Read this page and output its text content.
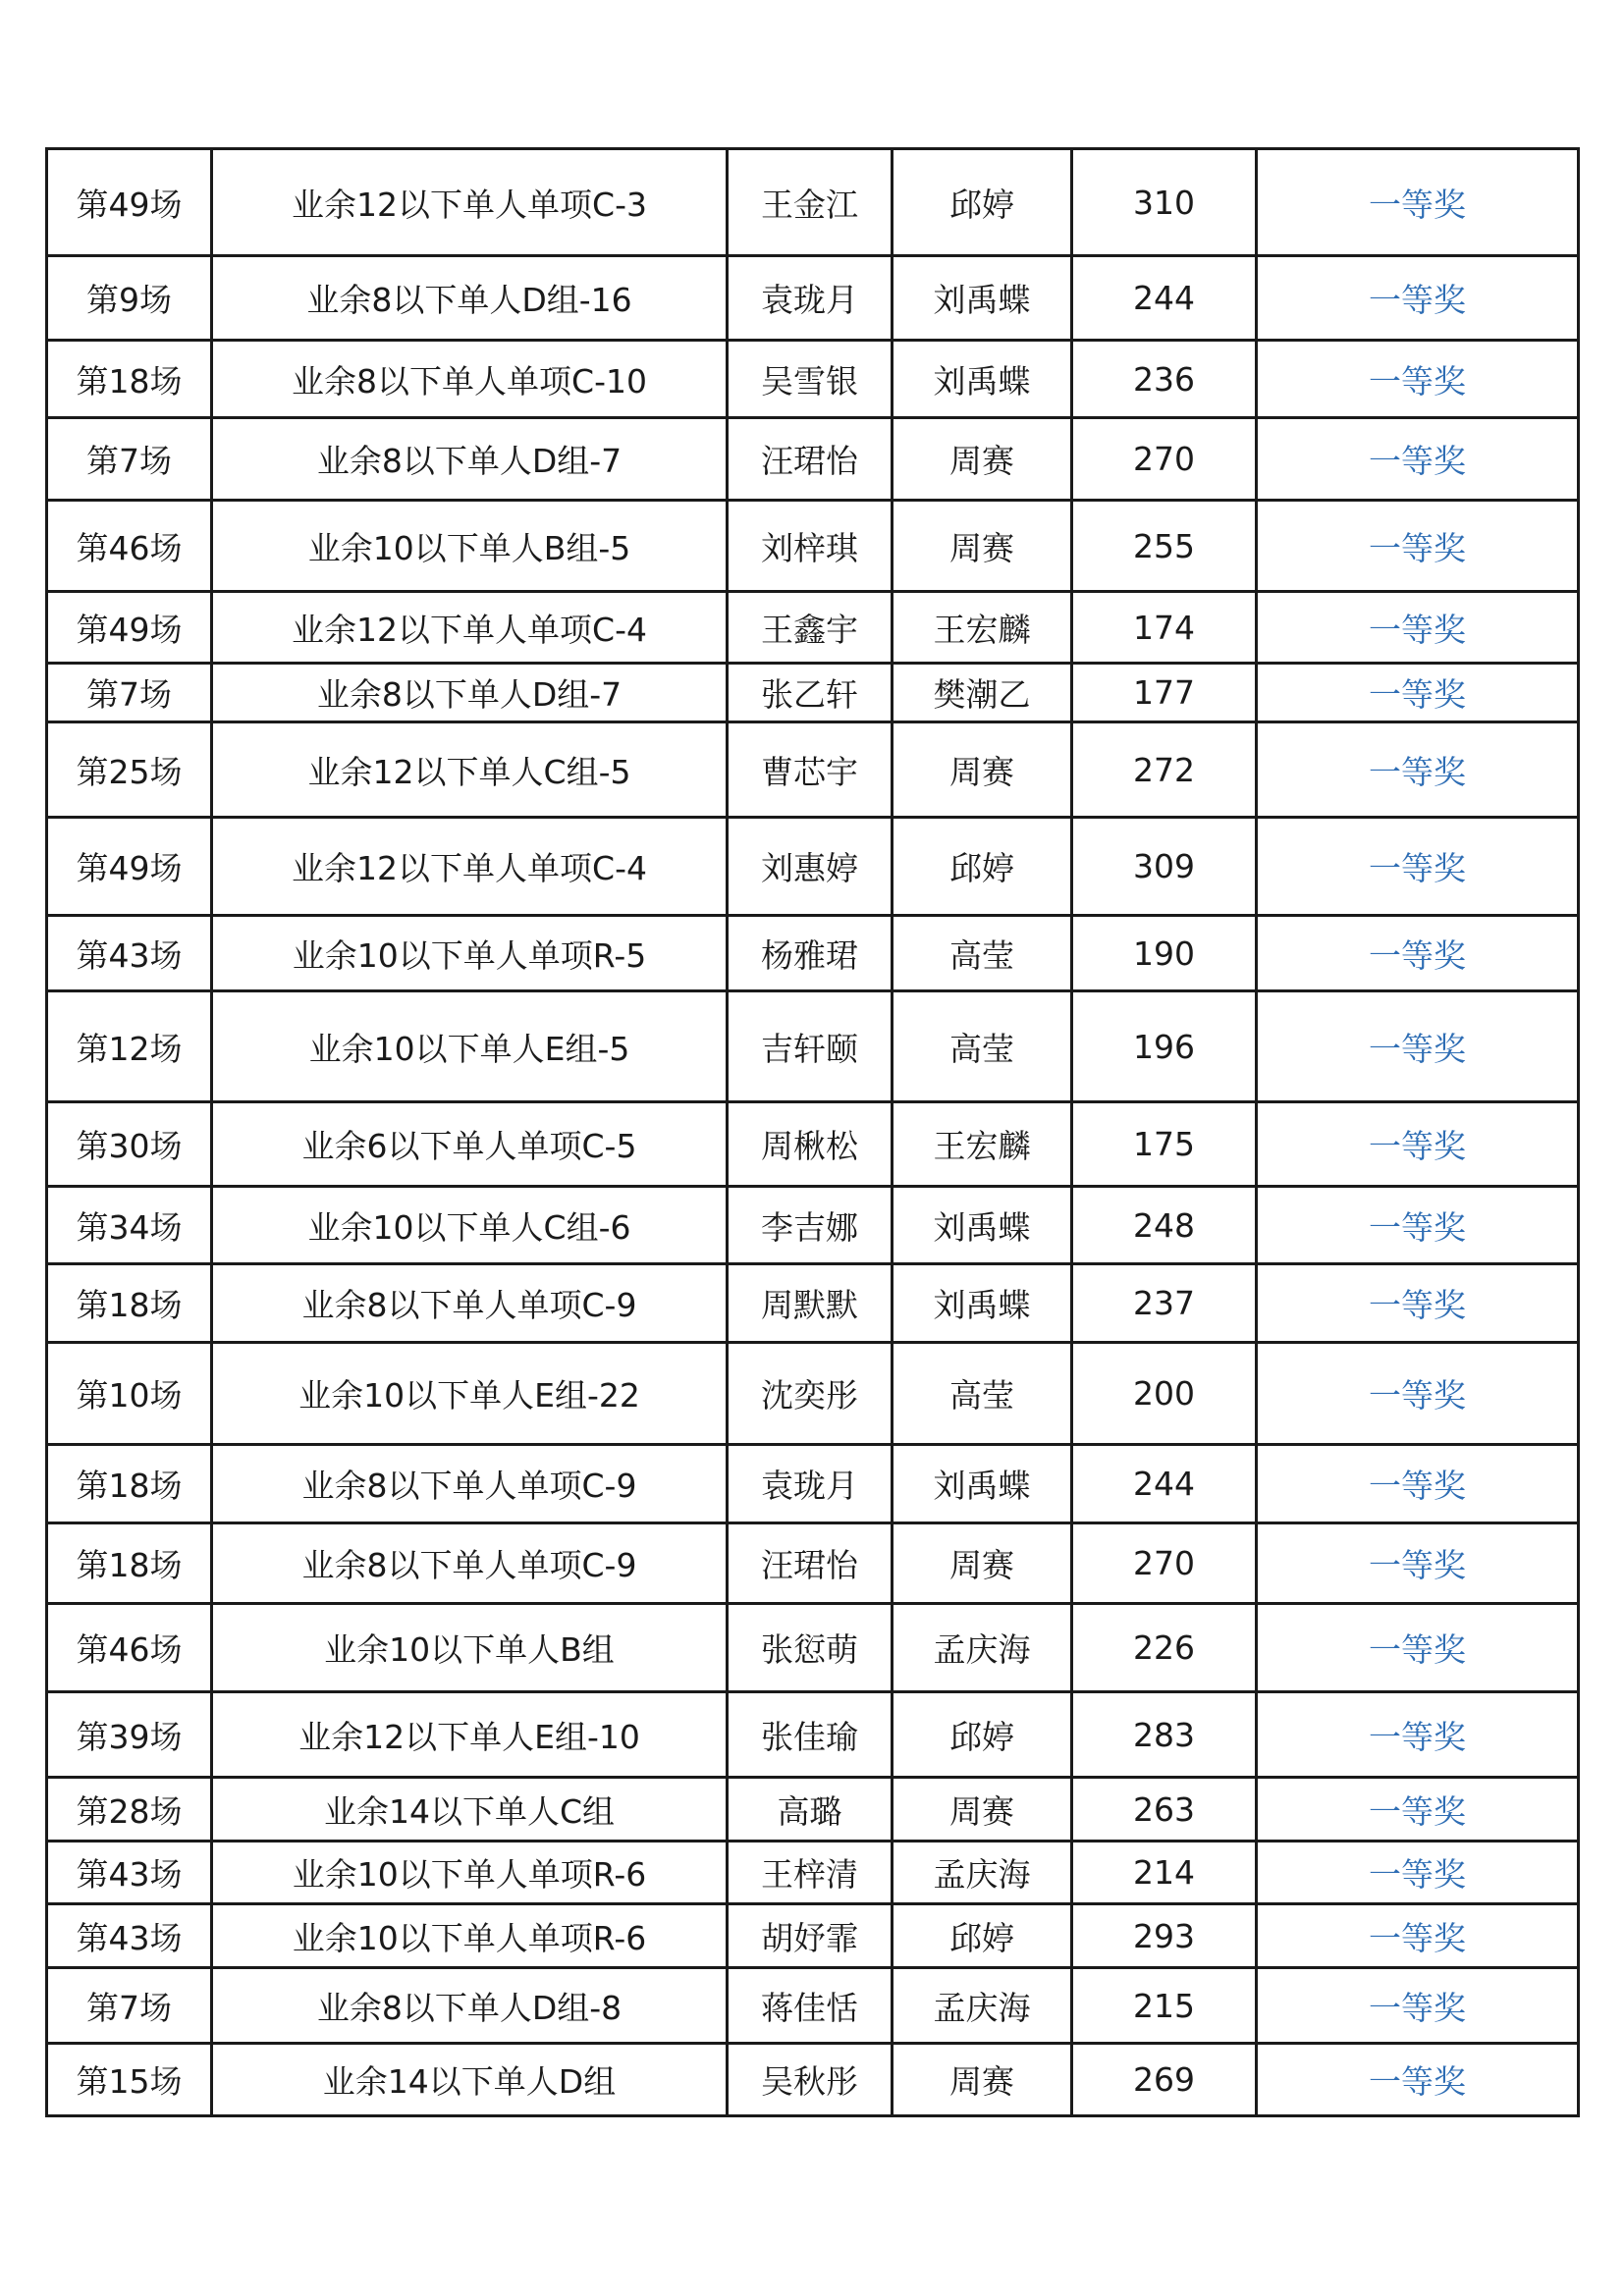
第49场	业余12以下单人单项C-3	王金江	邱婷	310	一等奖
第9场	业余8以下单人D组-16	袁珑月	刘禹蝶	244	一等奖
第18场	业余8以下单人单项C-10	吴雪银	刘禹蝶	236	一等奖
第7场	业余8以下单人D组-7	汪珺怡	周赛	270	一等奖
第46场	业余10以下单人B组-5	刘梓琪	周赛	255	一等奖
第49场	业余12以下单人单项C-4	王鑫宇	王宏麟	174	一等奖
第7场	业余8以下单人D组-7	张乙轩	樊潮乙	177	一等奖
第25场	业余12以下单人C组-5	曹芯宇	周赛	272	一等奖
第49场	业余12以下单人单项C-4	刘惠婷	邱婷	309	一等奖
第43场	业余10以下单人单项R-5	杨雅珺	高莹	190	一等奖
第12场	业余10以下单人E组-5	吉轩颐	高莹	196	一等奖
第30场	业余6以下单人单项C-5	周楸松	王宏麟	175	一等奖
第34场	业余10以下单人C组-6	李吉娜	刘禹蝶	248	一等奖
第18场	业余8以下单人单项C-9	周默默	刘禹蝶	237	一等奖
第10场	业余10以下单人E组-22	沈奕彤	高莹	200	一等奖
第18场	业余8以下单人单项C-9	袁珑月	刘禹蝶	244	一等奖
第18场	业余8以下单人单项C-9	汪珺怡	周赛	270	一等奖
第46场	业余10以下单人B组	张愆萌	孟庆海	226	一等奖
第39场	业余12以下单人E组-10	张佳瑜	邱婷	283	一等奖
第28场	业余14以下单人C组	高璐	周赛	263	一等奖
第43场	业余10以下单人单项R-6	王梓清	孟庆海	214	一等奖
第43场	业余10以下单人单项R-6	胡妤霏	邱婷	293	一等奖
第7场	业余8以下单人D组-8	蒋佳恬	孟庆海	215	一等奖
第15场	业余14以下单人D组	吴秋彤	周赛	269	一等奖
